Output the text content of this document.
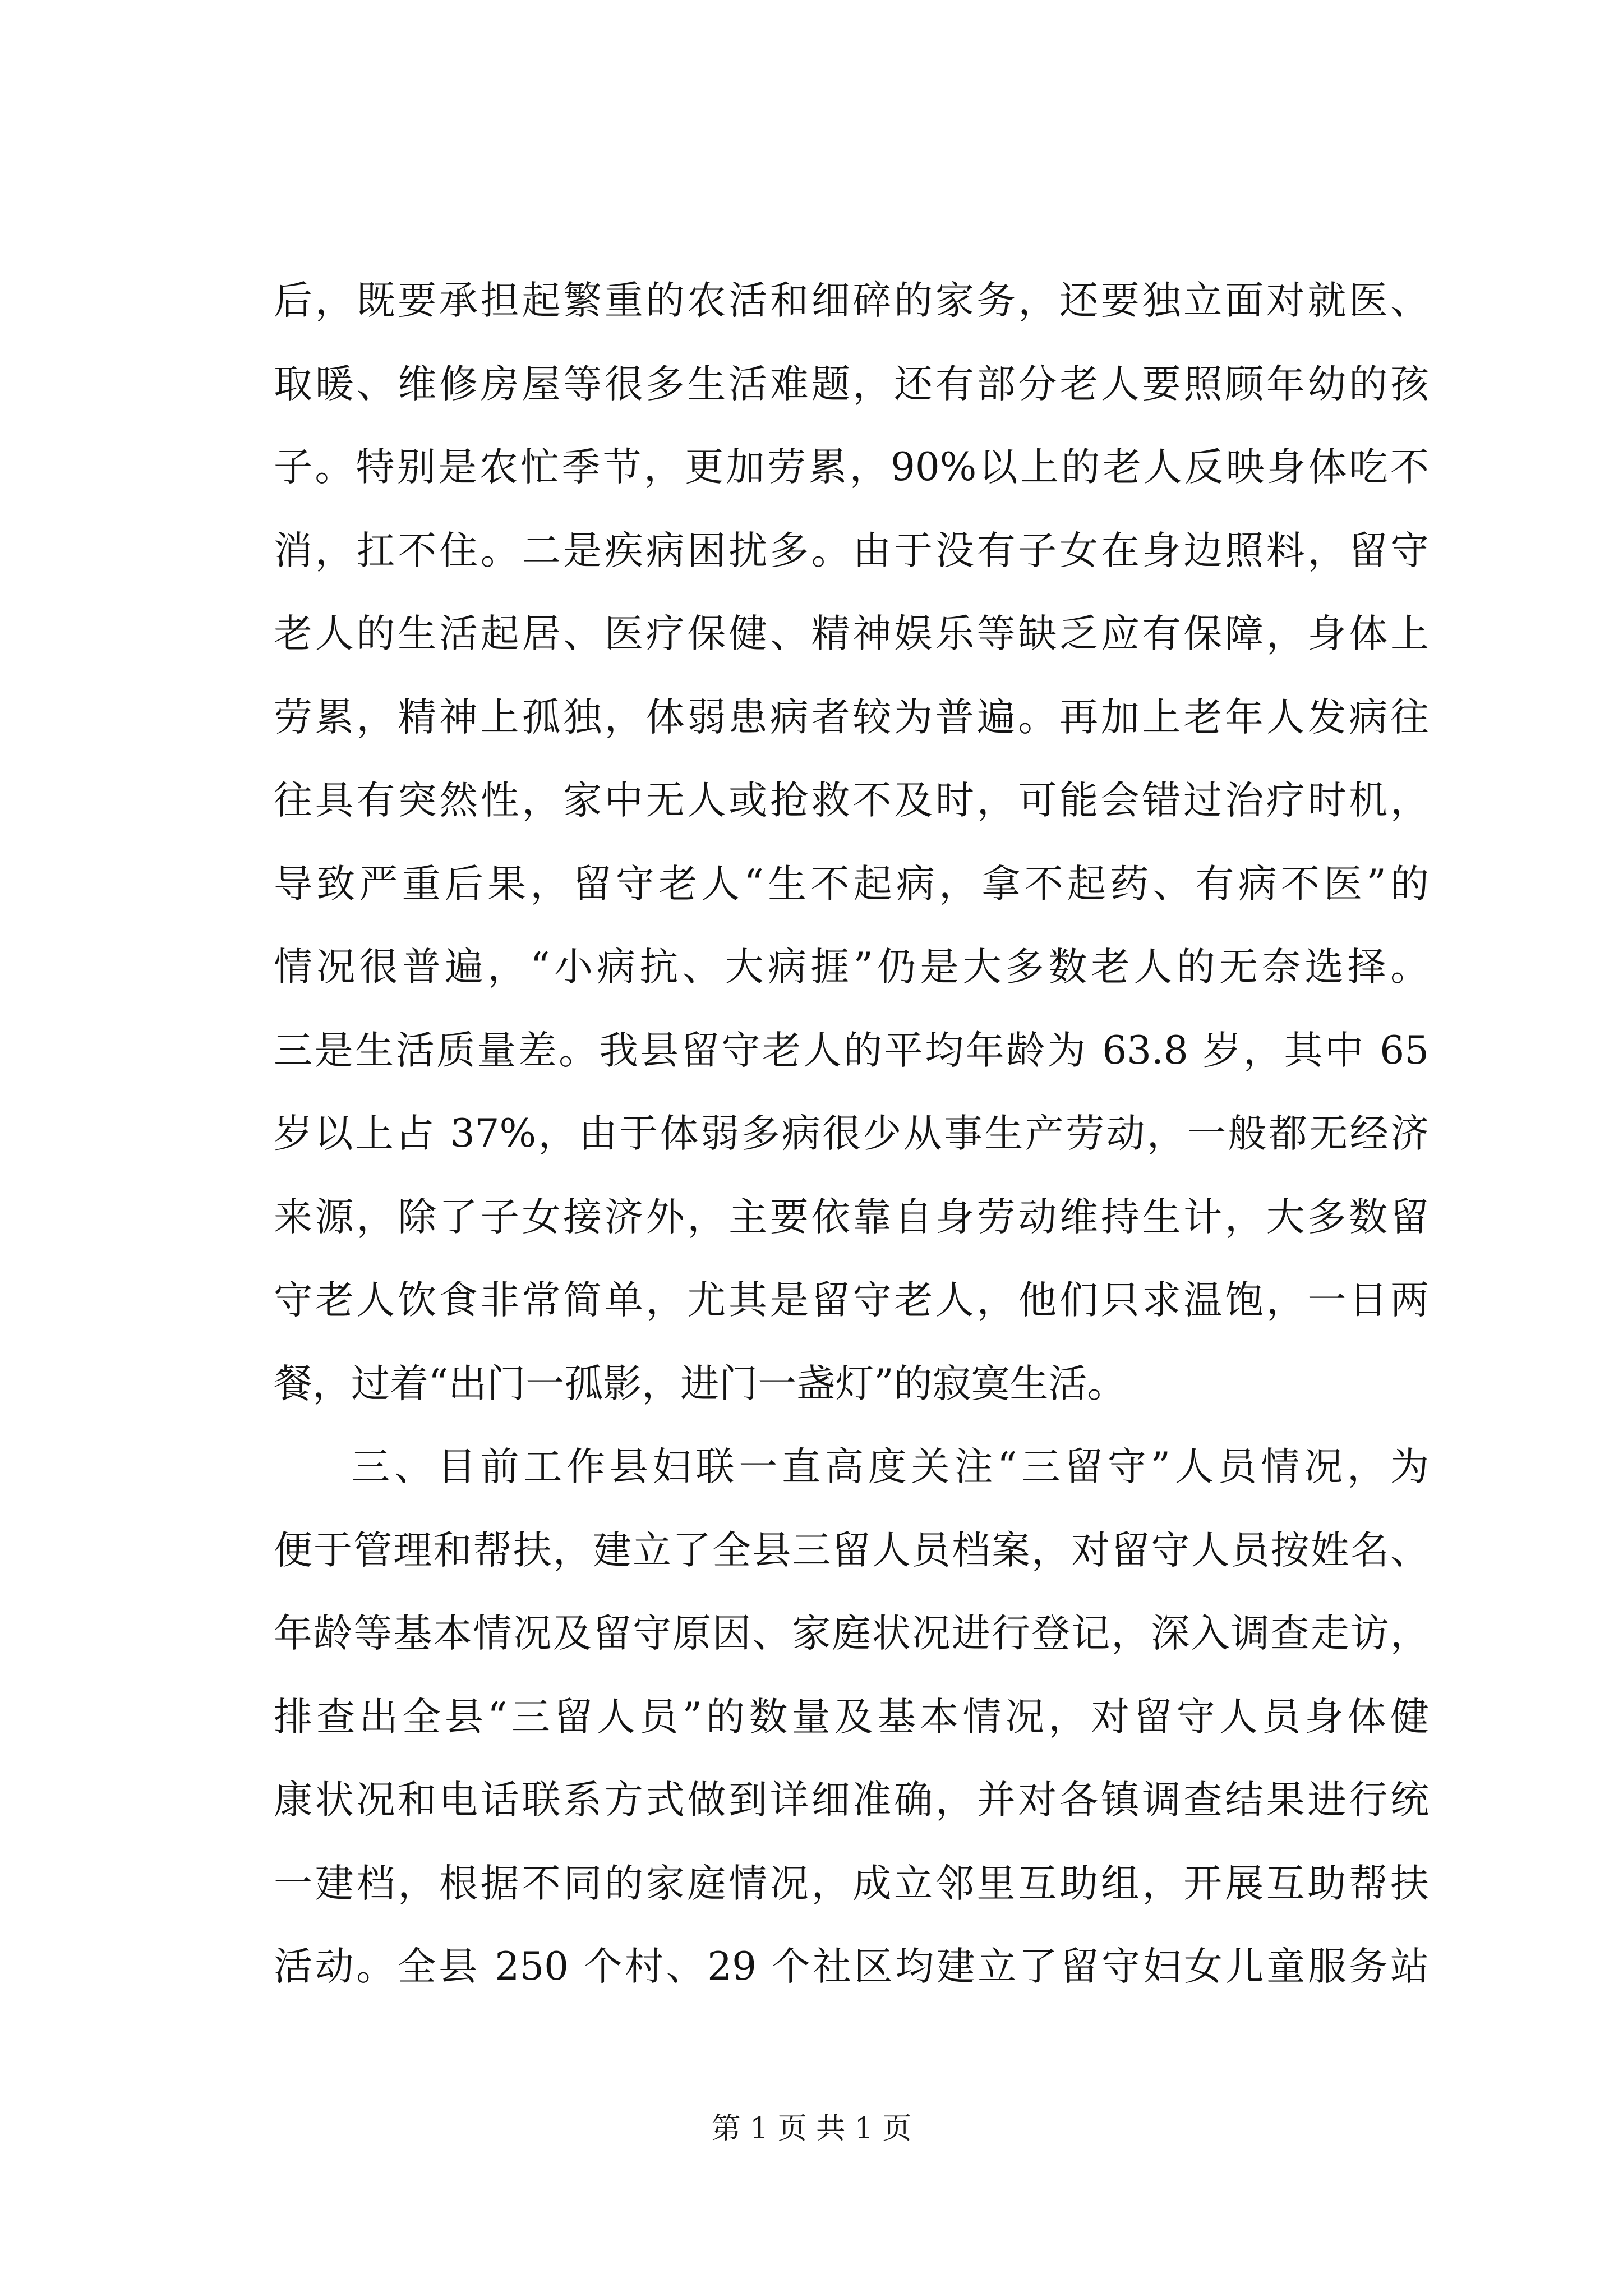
后，既要承担起繁重的农活和细碎的家务，还要独立面对就医、
取暖、维修房屋等很多生活难题，还有部分老人要照顾年幼的孩
子。特别是农忙季节，更加劳累，90%以上的老人反映身体吃不
消，扛不住。二是疾病困扰多。由于没有子女在身边照料，留守
老人的生活起居、医疗保健、精神娱乐等缺乏应有保障，身体上
劳累，精神上孤独，体弱患病者较为普遍。再加上老年人发病往
往具有突然性，家中无人或抢救不及时，可能会错过治疗时机，
导致严重后果，留守老人“生不起病，拿不起药、有病不医”的
情况很普遍，“小病抗、大病捱”仍是大多数老人的无奈选择。
三是生活质量差。我县留守老人的平均年龄为 63.8 岁，其中 65
岁以上占 37%，由于体弱多病很少从事生产劳动，一般都无经济
来源，除了子女接济外，主要依靠自身劳动维持生计，大多数留
守老人饮食非常简单，尤其是留守老人，他们只求温饱，一日两
餐，过着“出门一孤影，进门一盏灯”的寂寞生活。
三、目前工作县妇联一直高度关注“三留守”人员情况，为
便于管理和帮扶，建立了全县三留人员档案，对留守人员按姓名、
年龄等基本情况及留守原因、家庭状况进行登记，深入调查走访，
排查出全县“三留人员”的数量及基本情况，对留守人员身体健
康状况和电话联系方式做到详细准确，并对各镇调查结果进行统
一建档，根据不同的家庭情况，成立邻里互助组，开展互助帮扶
活动。全县 250 个村、29 个社区均建立了留守妇女儿童服务站
第 1 页 共 1 页
